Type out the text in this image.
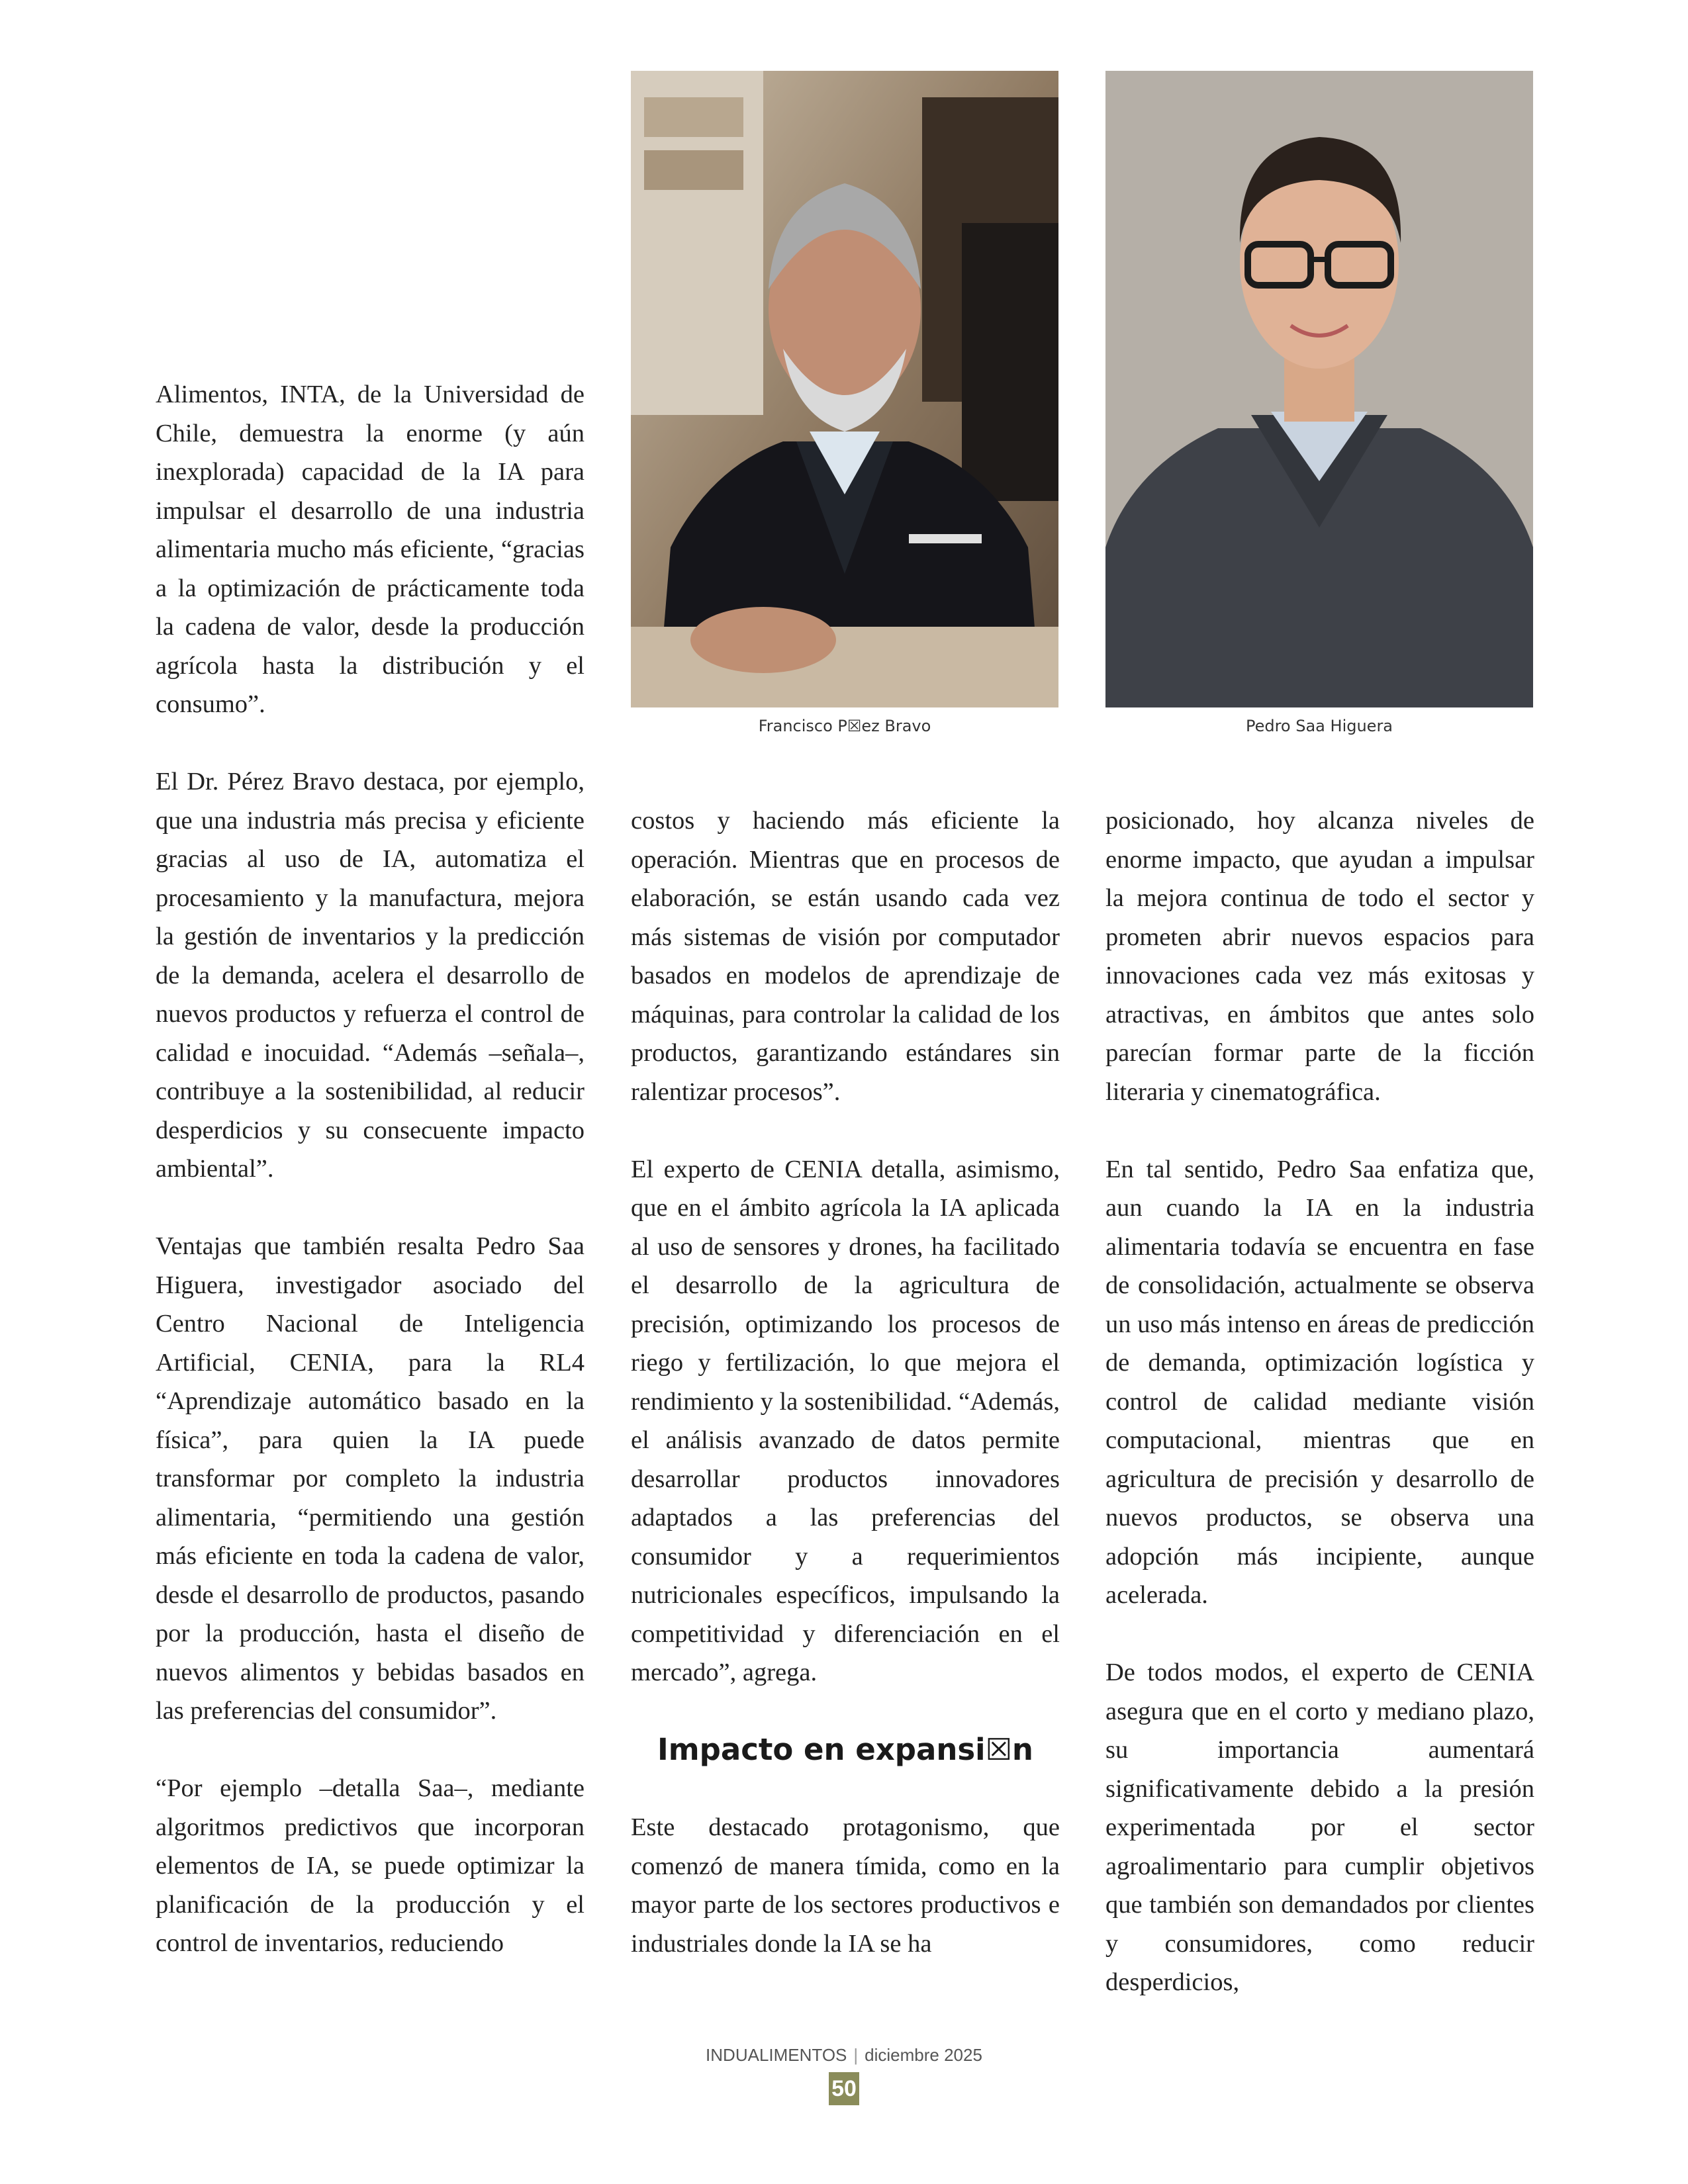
Alimentos, INTA, de la Universidad de Chile, demuestra la enorme (y aún inexplorada) capacidad de la IA para impulsar el desarrollo de una industria alimentaria mucho más eficiente, “gracias a la optimización de prácticamente toda la cadena de valor, desde la producción agrícola hasta la distribución y el consumo”.

El Dr. Pérez Bravo destaca, por ejemplo, que una industria más precisa y eficiente gracias al uso de IA, automatiza el procesamiento y la manufactura, mejora la gestión de inventarios y la predicción de la demanda, acelera el desarrollo de nuevos productos y refuerza el control de calidad e inocuidad. “Además –señala–, contribuye a la sostenibilidad, al reducir desperdicios y su consecuente impacto ambiental”.

Ventajas que también resalta Pedro Saa Higuera, investigador asociado del Centro Nacional de Inteligencia Artificial, CENIA, para la RL4 “Aprendizaje automático basado en la física”, para quien la IA puede transformar por completo la industria alimentaria, “permitiendo una gestión más eficiente en toda la cadena de valor, desde el desarrollo de productos, pasando por la producción, hasta el diseño de nuevos alimentos y bebidas basados en las preferencias del consumidor”.

“Por ejemplo –detalla Saa–, mediante algoritmos predictivos que incorporan elementos de IA, se puede optimizar la planificación de la producción y el control de inventarios, reduciendo

Francisco P☒ez Bravo	Pedro Saa Higuera

costos y haciendo más eficiente la operación. Mientras que en procesos de elaboración, se están usando cada vez más sistemas de visión por computador basados en modelos de aprendizaje de máquinas, para controlar la calidad de los productos, garantizando estándares sin ralentizar procesos”.

El experto de CENIA detalla, asimismo, que en el ámbito agrícola la IA aplicada al uso de sensores y drones, ha facilitado el desarrollo de la agricultura de precisión, optimizando los procesos de riego y fertilización, lo que mejora el rendimiento y la sostenibilidad. “Además, el análisis avanzado de datos permite desarrollar productos innovadores adaptados a las preferencias del consumidor y a requerimientos nutricionales específicos, impulsando la competitividad y diferenciación en el mercado”, agrega.

Impacto en expansi☒n

Este destacado protagonismo, que comenzó de manera tímida, como en la mayor parte de los sectores productivos e industriales donde la IA se ha

posicionado, hoy alcanza niveles de enorme impacto, que ayudan a impulsar la mejora continua de todo el sector y prometen abrir nuevos espacios para innovaciones cada vez más exitosas y atractivas, en ámbitos que antes solo parecían formar parte de la ficción literaria y cinematográfica.

En tal sentido, Pedro Saa enfatiza que, aun cuando la IA en la industria alimentaria todavía se encuentra en fase de consolidación, actualmente se observa un uso más intenso en áreas de predicción de demanda, optimización logística y control de calidad mediante visión computacional, mientras que en agricultura de precisión y desarrollo de nuevos productos, se observa una adopción más incipiente, aunque acelerada.

De todos modos, el experto de CENIA asegura que en el corto y mediano plazo, su importancia aumentará significativamente debido a la presión experimentada por el sector agroalimentario para cumplir objetivos que también son demandados por clientes y consumidores, como reducir desperdicios,

INDUALIMENTOS | diciembre 2025
50
